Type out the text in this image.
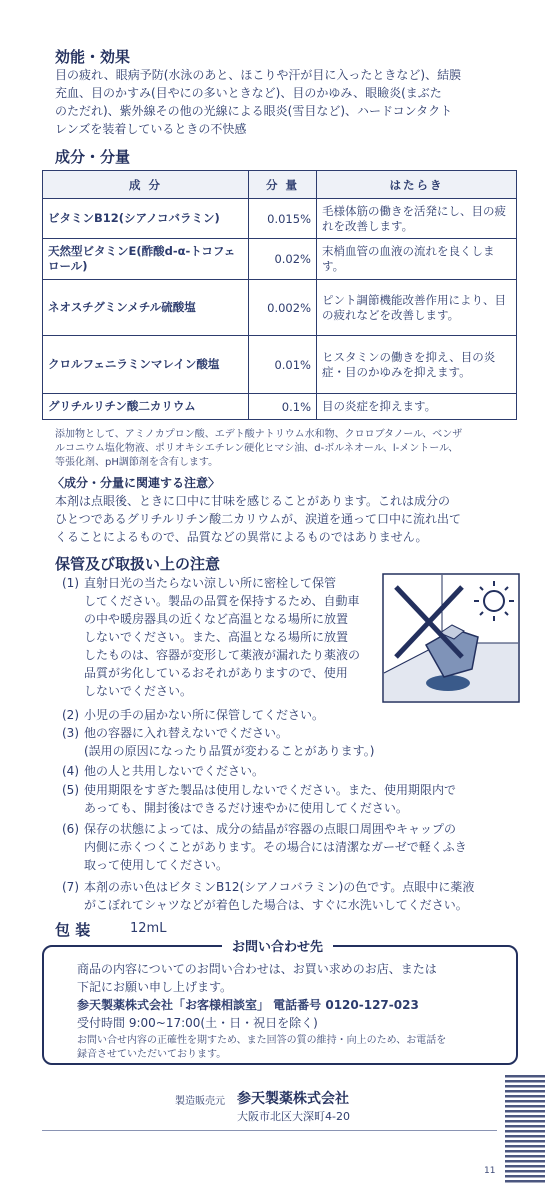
効能・効果
目の疲れ、眼病予防(水泳のあと、ほこりや汗が目に入ったときなど)、結膜
充血、目のかすみ(目やにの多いときなど)、目のかゆみ、眼瞼炎(まぶた
のただれ)、紫外線その他の光線による眼炎(雪目など)、ハードコンタクト
レンズを装着しているときの不快感
成分・分量
成 分	分 量	はたらき
ビタミンB12(シアノコバラミン)	0.015%	毛様体筋の働きを活発にし、目の疲れを改善します。
天然型ビタミンE(酢酸d-α-トコフェロール)	0.02%	末梢血管の血液の流れを良くします。
ネオスチグミンメチル硫酸塩	0.002%	ピント調節機能改善作用により、目の疲れなどを改善します。
クロルフェニラミンマレイン酸塩	0.01%	ヒスタミンの働きを抑え、目の炎症・目のかゆみを抑えます。
グリチルリチン酸二カリウム	0.1%	目の炎症を抑えます。
添加物として、アミノカプロン酸、エデト酸ナトリウム水和物、クロロブタノール、ベンザ
ルコニウム塩化物液、ポリオキシエチレン硬化ヒマシ油、d-ボルネオール、l-メントール、
等張化剤、pH調節剤を含有します。
〈成分・分量に関連する注意〉
本剤は点眼後、ときに口中に甘味を感じることがあります。これは成分の
ひとつであるグリチルリチン酸二カリウムが、涙道を通って口中に流れ出て
くることによるもので、品質などの異常によるものではありません。
保管及び取扱い上の注意
(1) 直射日光の当たらない涼しい所に密栓して保管
してください。製品の品質を保持するため、自動車
の中や暖房器具の近くなど高温となる場所に放置
しないでください。また、高温となる場所に放置
したものは、容器が変形して薬液が漏れたり薬液の
品質が劣化しているおそれがありますので、使用
しないでください。
(2) 小児の手の届かない所に保管してください。
(3) 他の容器に入れ替えないでください。
(誤用の原因になったり品質が変わることがあります。)
(4) 他の人と共用しないでください。
(5) 使用期限をすぎた製品は使用しないでください。また、使用期限内で
あっても、開封後はできるだけ速やかに使用してください。
(6) 保存の状態によっては、成分の結晶が容器の点眼口周囲やキャップの
内側に赤くつくことがあります。その場合には清潔なガーゼで軽くふき
取って使用してください。
(7) 本剤の赤い色はビタミンB12(シアノコバラミン)の色です。点眼中に薬液
がこぼれてシャツなどが着色した場合は、すぐに水洗いしてください。
包 装	12mL
お問い合わせ先
商品の内容についてのお問い合わせは、お買い求めのお店、または
下記にお願い申し上げます。
参天製薬株式会社「お客様相談室」 電話番号 0120-127-023
受付時間 9:00~17:00(土・日・祝日を除く)
お問い合せ内容の正確性を期すため、また回答の質の維持・向上のため、お電話を
録音させていただいております。
製造販売元 参天製薬株式会社
大阪市北区大深町4-20
11
